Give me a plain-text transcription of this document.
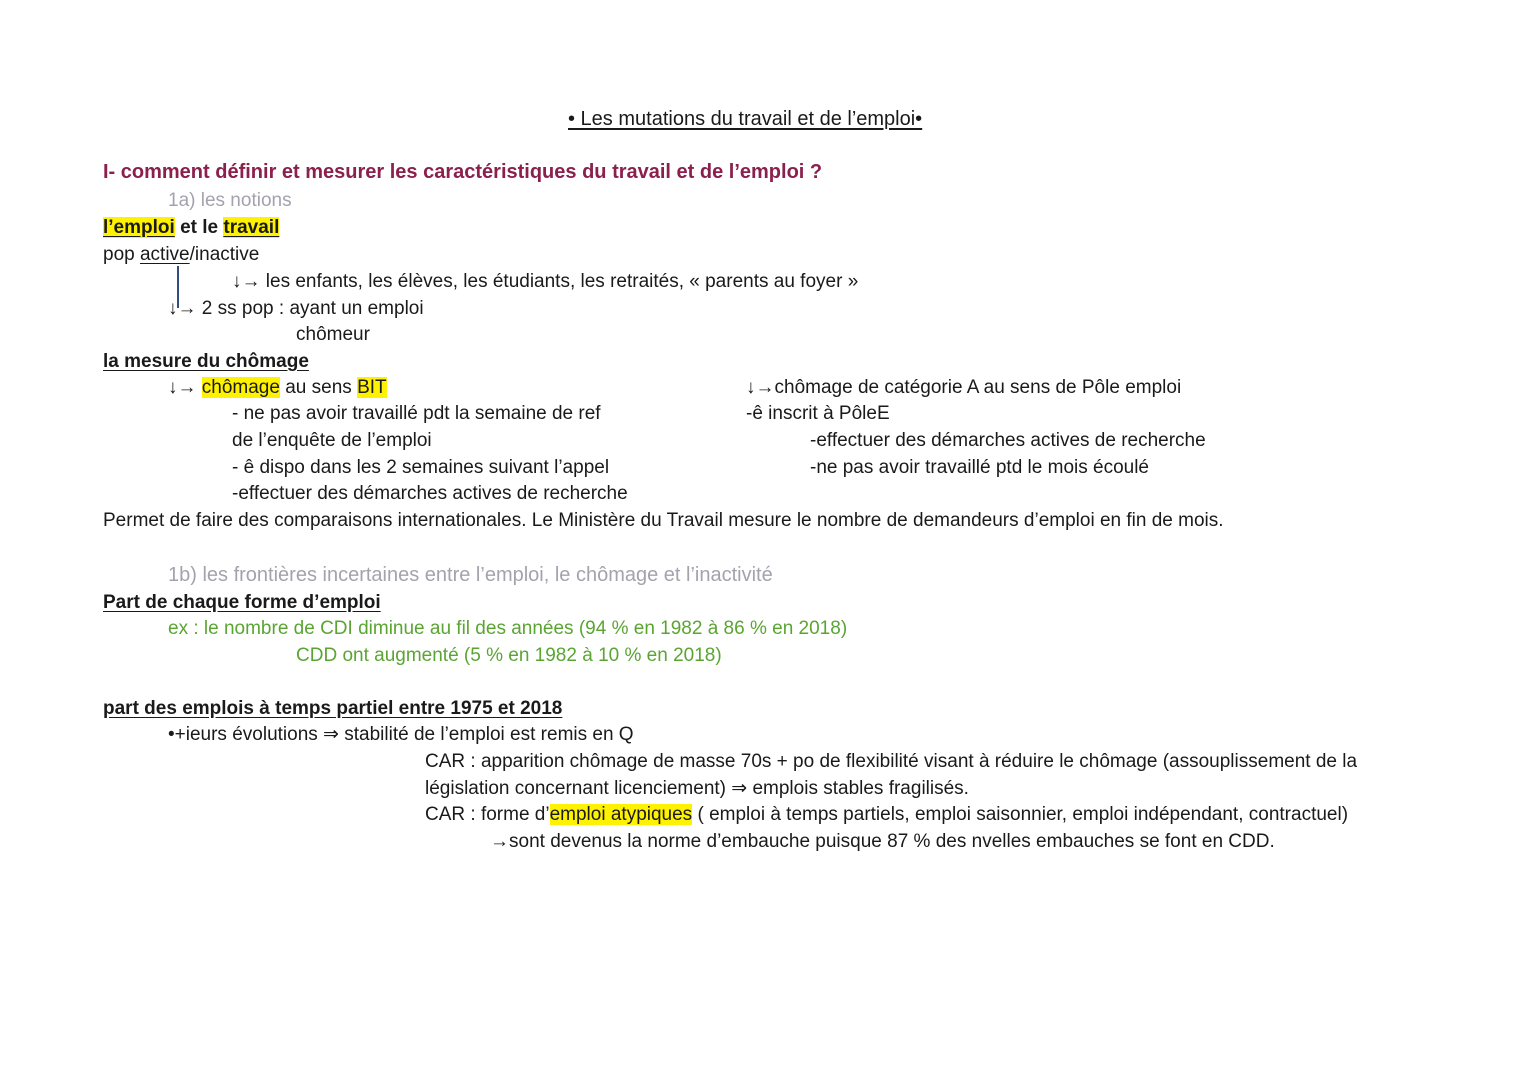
• Les mutations du travail et de l’emploi•
I- comment définir et mesurer les caractéristiques du travail et de l’emploi ?
1a) les notions
l’emploi et le travail
pop active/inactive
↓→ les enfants, les élèves, les étudiants, les retraités, « parents au foyer »
↓→ 2 ss pop : ayant un emploi
chômeur
la mesure du chômage
↓→ chômage au sens BIT
- ne pas avoir travaillé pdt la semaine de ref
de l’enquête de l’emploi
- ê dispo dans les 2 semaines suivant l’appel
-effectuer des démarches actives de recherche
↓→chômage de catégorie A au sens de Pôle emploi
-ê inscrit à PôleE
-effectuer des démarches actives de recherche
-ne pas avoir travaillé ptd le mois écoulé
Permet de faire des comparaisons internationales. Le Ministère du Travail mesure le nombre de demandeurs d’emploi en fin de mois.
1b) les frontières incertaines entre l’emploi, le chômage et l’inactivité
Part de chaque forme d’emploi
ex : le nombre de CDI diminue au fil des années (94 % en 1982 à 86 % en 2018)
CDD ont augmenté (5 % en 1982 à 10 % en 2018)
part des emplois à temps partiel entre 1975 et 2018
•+ieurs évolutions ⇒ stabilité de l’emploi est remis en Q
CAR : apparition chômage de masse 70s + po de flexibilité visant à réduire le chômage (assouplissement de la
législation concernant licenciement) ⇒ emplois stables fragilisés.
CAR : forme d’emploi atypiques ( emploi à temps partiels, emploi saisonnier, emploi indépendant, contractuel)
→sont devenus la norme d’embauche puisque 87 % des nvelles embauches se font en CDD.
